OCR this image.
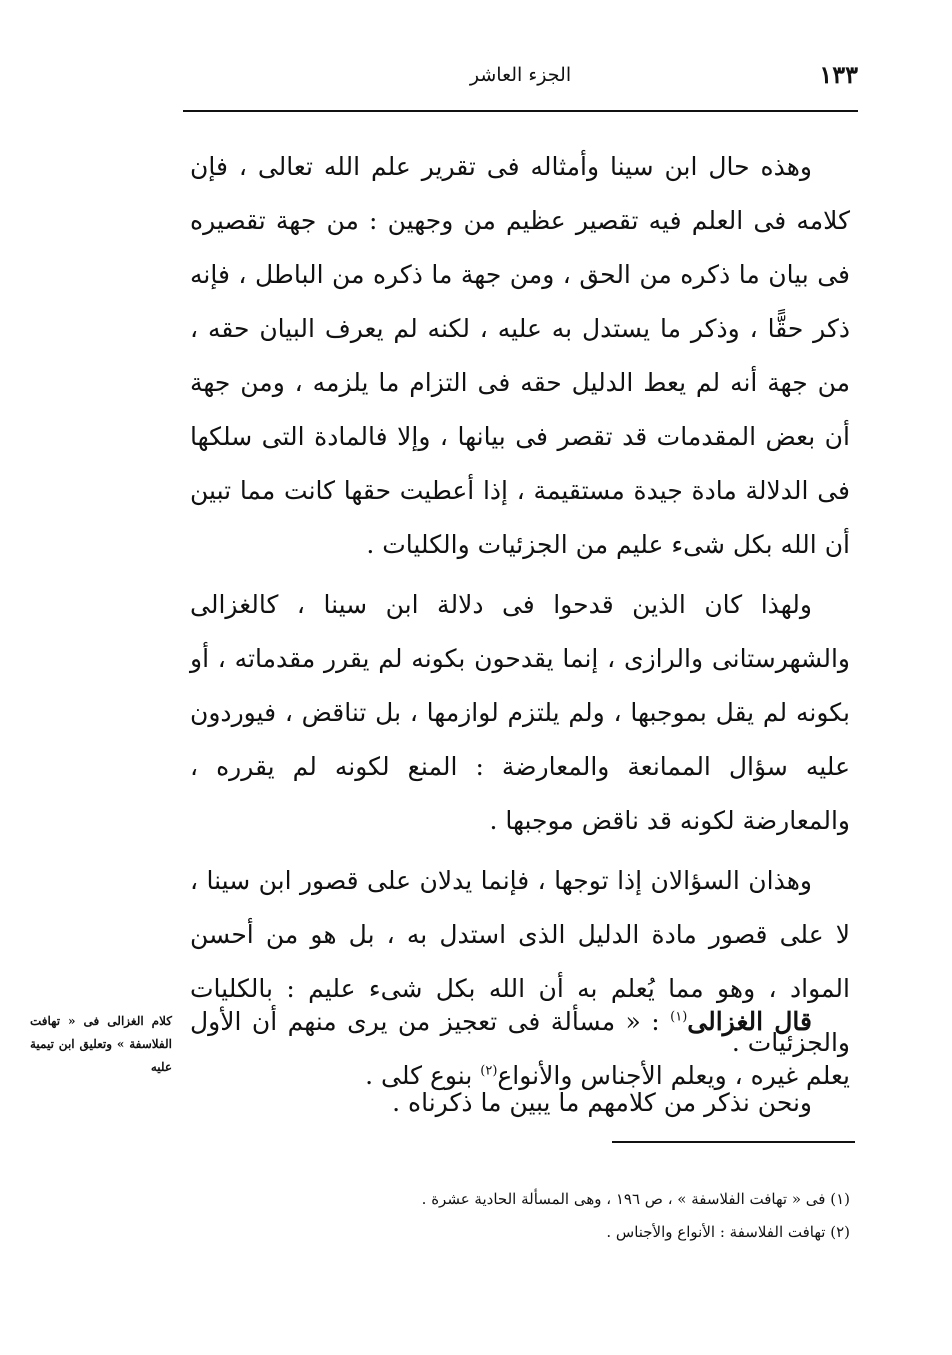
١٣٣
الجزء العاشر

وهذه حال ابن سينا وأمثاله فى تقرير علم الله تعالى ، فإن كلامه فى العلم فيه تقصير عظيم من وجهين : من جهة تقصيره فى بيان ما ذكره من الحق ، ومن جهة ما ذكره من الباطل ، فإنه ذكر حقًّا ، وذكر ما يستدل به عليه ، لكنه لم يعرف البيان حقه ، من جهة أنه لم يعط الدليل حقه فى التزام ما يلزمه ، ومن جهة أن بعض المقدمات قد تقصر فى بيانها ، وإلا فالمادة التى سلكها فى الدلالة مادة جيدة مستقيمة ، إذا أعطيت حقها كانت مما تبين أن الله بكل شىء عليم من الجزئيات والكليات .

ولهذا كان الذين قدحوا فى دلالة ابن سينا ، كالغزالى والشهرستانى والرازى ، إنما يقدحون بكونه لم يقرر مقدماته ، أو بكونه لم يقل بموجبها ، ولم يلتزم لوازمها ، بل تناقض ، فيوردون عليه سؤال الممانعة والمعارضة : المنع لكونه لم يقرره ، والمعارضة لكونه قد ناقض موجبها .

وهذان السؤالان إذا توجها ، فإنما يدلان على قصور ابن سينا ، لا على قصور مادة الدليل الذى استدل به ، بل هو من أحسن المواد ، وهو مما يُعلم به أن الله بكل شىء عليم : بالكليات والجزئيات .

ونحن نذكر من كلامهم ما يبين ما ذكرناه .

قال الغزالى$^{(١)}$ : « مسألة فى تعجيز من يرى منهم أن الأول يعلم غيره ، ويعلم الأجناس والأنواع$^{(٢)}$ بنوع كلى .

كلام الغزالى فى « تهافت الفلاسفة » وتعليق ابن تيمية عليه

(١) فى « تهافت الفلاسفة » ، ص ١٩٦ ، وهى المسألة الحادية عشرة .

(٢) تهافت الفلاسفة : الأنواع والأجناس .
